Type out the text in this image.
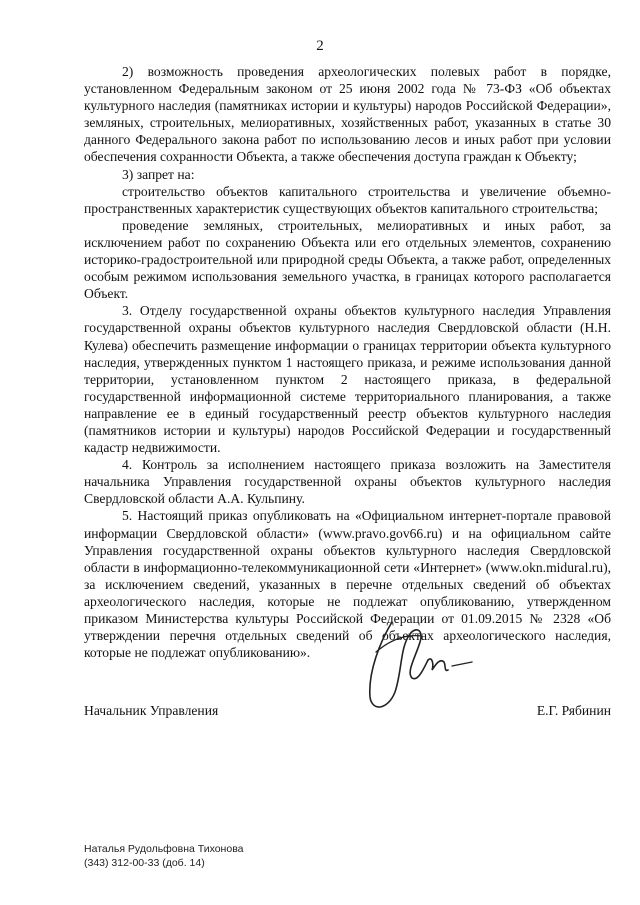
2

2) возможность проведения археологических полевых работ в порядке, установленном Федеральным законом от 25 июня 2002 года № 73-ФЗ «Об объектах культурного наследия (памятниках истории и культуры) народов Российской Федерации», земляных, строительных, мелиоративных, хозяйственных работ, указанных в статье 30 данного Федерального закона работ по использованию лесов и иных работ при условии обеспечения сохранности Объекта, а также обеспечения доступа граждан к Объекту;

3) запрет на:

строительство объектов капитального строительства и увеличение объемно-пространственных характеристик существующих объектов капитального строительства;

проведение земляных, строительных, мелиоративных и иных работ, за исключением работ по сохранению Объекта или его отдельных элементов, сохранению историко-градостроительной или природной среды Объекта, а также работ, определенных особым режимом использования земельного участка, в границах которого располагается Объект.

3. Отделу государственной охраны объектов культурного наследия Управления государственной охраны объектов культурного наследия Свердловской области (Н.Н. Кулева) обеспечить размещение информации о границах территории объекта культурного наследия, утвержденных пунктом 1 настоящего приказа, и режиме использования данной территории, установленном пунктом 2 настоящего приказа, в федеральной государственной информационной системе территориального планирования, а также направление ее в единый государственный реестр объектов культурного наследия (памятников истории и культуры) народов Российской Федерации и государственный кадастр недвижимости.

4. Контроль за исполнением настоящего приказа возложить на Заместителя начальника Управления государственной охраны объектов культурного наследия Свердловской области А.А. Кульпину.

5. Настоящий приказ опубликовать на «Официальном интернет-портале правовой информации Свердловской области» (www.pravo.gov66.ru) и на официальном сайте Управления государственной охраны объектов культурного наследия Свердловской области в информационно-телекоммуникационной сети «Интернет» (www.okn.midural.ru), за исключением сведений, указанных в перечне отдельных сведений об объектах археологического наследия, которые не подлежат опубликованию, утвержденном приказом Министерства культуры Российской Федерации от 01.09.2015 № 2328 «Об утверждении перечня отдельных сведений об объектах археологического наследия, которые не подлежат опубликованию».

Начальник Управления	Е.Г. Рябинин
Наталья Рудольфовна Тихонова
(343) 312-00-33 (доб. 14)
